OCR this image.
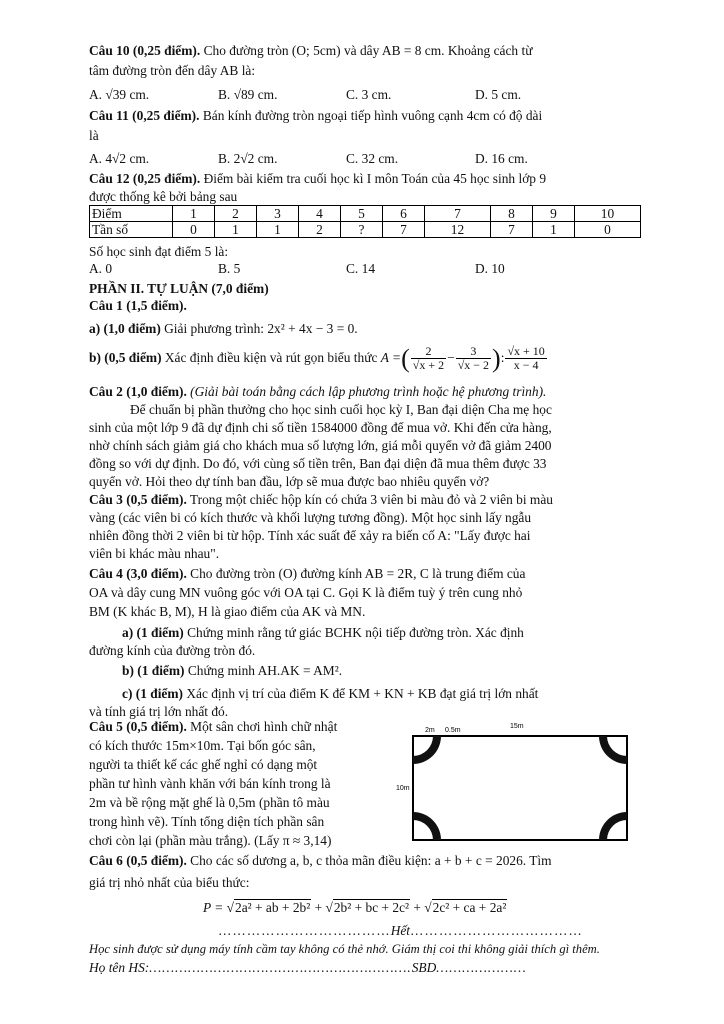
Câu 10 (0,25 điểm). Cho đường tròn (O; 5cm) và dây AB = 8 cm. Khoảng cách từ
tâm đường tròn đến dây AB là:
A. √39 cm.	B. √89 cm.	C. 3 cm.	D. 5 cm.
Câu 11 (0,25 điểm). Bán kính đường tròn ngoại tiếp hình vuông cạnh 4cm có độ dài
là
A. 4√2 cm.	B. 2√2 cm.	C. 32 cm.	D. 16 cm.
Câu 12 (0,25 điểm). Điểm bài kiểm tra cuối học kì I môn Toán của 45 học sinh lớp 9
được thống kê bởi bảng sau
Điểm	1	2	3	4	5	6	7	8	9	10
Tần số	0	1	1	2	?	7	12	7	1	0
Số học sinh đạt điểm 5 là:
A. 0	B. 5	C. 14	D. 10
PHẦN II. TỰ LUẬN (7,0 điểm)
Câu 1 (1,5 điểm).
a) (1,0 điểm) Giải phương trình: 2x² + 4x − 3 = 0.
b) (0,5 điểm) Xác định điều kiện và rút gọn biểu thức A =( $\frac{2}{√x + 2} - \frac{3}{√x - 2}$ ): $\frac{√x + 10}{x - 4}$
Câu 2 (1,0 điểm). (Giải bài toán bằng cách lập phương trình hoặc hệ phương trình).
Để chuẩn bị phần thưởng cho học sinh cuối học kỳ I, Ban đại diện Cha mẹ học
sinh của một lớp 9 đã dự định chi số tiền 1584000 đồng để mua vở. Khi đến cửa hàng,
nhờ chính sách giảm giá cho khách mua số lượng lớn, giá mỗi quyển vở đã giảm 2400
đồng so với dự định. Do đó, với cùng số tiền trên, Ban đại diện đã mua thêm được 33
quyển vở. Hỏi theo dự tính ban đầu, lớp sẽ mua được bao nhiêu quyển vở?
Câu 3 (0,5 điểm). Trong một chiếc hộp kín có chứa 3 viên bi màu đỏ và 2 viên bi màu
vàng (các viên bi có kích thước và khối lượng tương đồng). Một học sinh lấy ngẫu
nhiên đồng thời 2 viên bi từ hộp. Tính xác suất để xảy ra biến cố A: "Lấy được hai
viên bi khác màu nhau".
Câu 4 (3,0 điểm). Cho đường tròn (O) đường kính AB = 2R, C là trung điểm của
OA và dây cung MN vuông góc với OA tại C. Gọi K là điểm tuỳ ý trên cung nhỏ
BM (K khác B, M), H là giao điểm của AK và MN.
a) (1 điểm) Chứng minh rằng tứ giác BCHK nội tiếp đường tròn. Xác định
đường kính của đường tròn đó.
b) (1 điểm) Chứng minh AH.AK = AM².
c) (1 điểm) Xác định vị trí của điểm K để KM + KN + KB đạt giá trị lớn nhất
và tính giá trị lớn nhất đó.
Câu 5 (0,5 điểm). Một sân chơi hình chữ nhật
có kích thước 15m×10m. Tại bốn góc sân,
người ta thiết kế các ghế nghỉ có dạng một
phần tư hình vành khăn với bán kính trong là
2m và bề rộng mặt ghế là 0,5m (phần tô màu
trong hình vẽ). Tính tổng diện tích phần sân
chơi còn lại (phần màu trắng). (Lấy π ≈ 3,14)
2m 0.5m
15m
10m
Câu 6 (0,5 điểm). Cho các số dương a, b, c thỏa mãn điều kiện: a + b + c = 2026. Tìm
giá trị nhỏ nhất của biểu thức:
P = √2a² + ab + 2b² + √2b² + bc + 2c² + √2c² + ca + 2a²
………………………………Hết………………………………
Học sinh được sử dụng máy tính cầm tay không có thẻ nhớ. Giám thị coi thi không giải thích gì thêm.
Họ tên HS:…………………………………………………….SBD…………………
